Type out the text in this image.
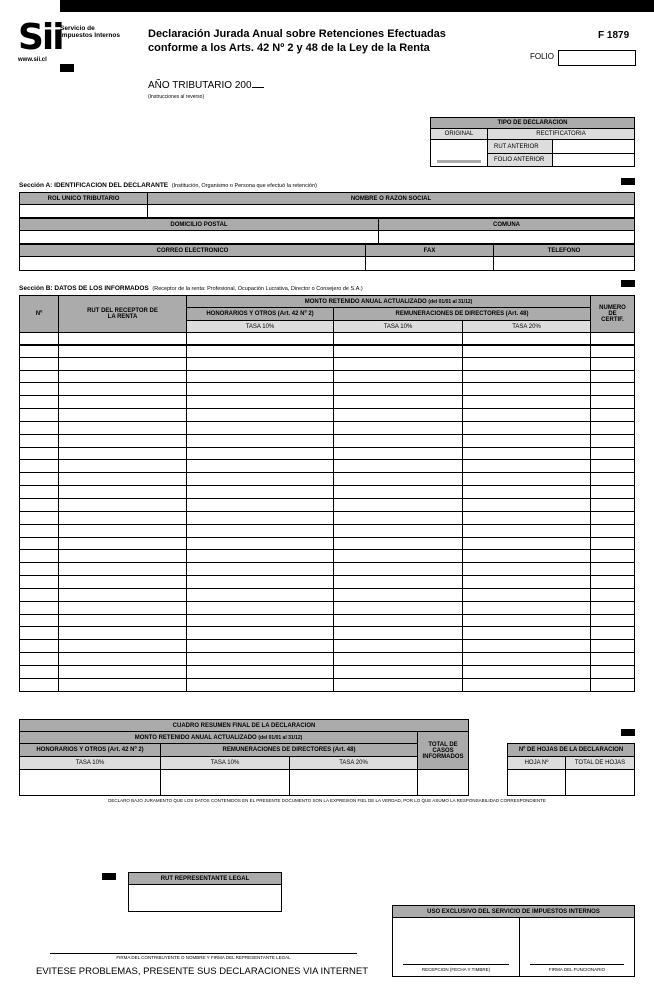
Sii
Servicio de Impuestos Internos
www.sii.cl
Declaración Jurada Anual sobre Retenciones Efectuadas conforme a los Arts. 42 Nº 2 y 48 de la Ley de la Renta
F 1879
FOLIO
AÑO TRIBUTARIO 200
(Instrucciones al reverso)
TIPO DE DECLARACION
ORIGINAL	RECTIFICATORIA
RUT ANTERIOR
FOLIO ANTERIOR
Sección A: IDENTIFICACION DEL DECLARANTE (Institución, Organismo o Persona que efectuó la retención)
ROL UNICO TRIBUTARIO	NOMBRE O RAZON SOCIAL
DOMICILIO POSTAL	COMUNA
CORREO ELECTRONICO	FAX	TELEFONO
Sección B: DATOS DE LOS INFORMADOS (Receptor de la renta: Profesional, Ocupación Lucrativa, Director o Consejero de S.A.)
Nº	RUT DEL RECEPTOR DE LA RENTA
MONTO RETENIDO ANUAL ACTUALIZADO
(del 01/01 al 31/12)
HONORARIOS Y OTROS (Art. 42 Nº 2)	REMUNERACIONES DE DIRECTORES (Art. 48)
TASA 10%	TASA 10%	TASA 20%
NUMERO DE CERTIF.
CUADRO RESUMEN FINAL DE LA DECLARACION
MONTO RETENIDO ANUAL ACTUALIZADO
(del 01/01 al 31/12)
TOTAL DE CASOS INFORMADOS
HONORARIOS Y OTROS (Art. 42 Nº 2)	REMUNERACIONES DE DIRECTORES (Art. 48)
TASA 10%	TASA 10%	TASA 20%
Nº DE HOJAS DE LA DECLARACION
HOJA Nº	TOTAL DE HOJAS
DECLARO BAJO JURAMENTO QUE LOS DATOS CONTENIDOS EN EL PRESENTE DOCUMENTO SON LA EXPRESION FIEL DE LA VERDAD, POR LO QUE ASUMO LA RESPONSABILIDAD CORRESPONDIENTE
RUT REPRESENTANTE LEGAL
USO EXCLUSIVO DEL SERVICIO DE IMPUESTOS INTERNOS
RECEPCION (FECHA Y TIMBRE)	FIRMA DEL FUNCIONARIO
FIRMA DEL CONTRIBUYENTE O NOMBRE Y FIRMA DEL REPRESENTANTE LEGAL
EVITESE PROBLEMAS, PRESENTE SUS DECLARACIONES VIA INTERNET
